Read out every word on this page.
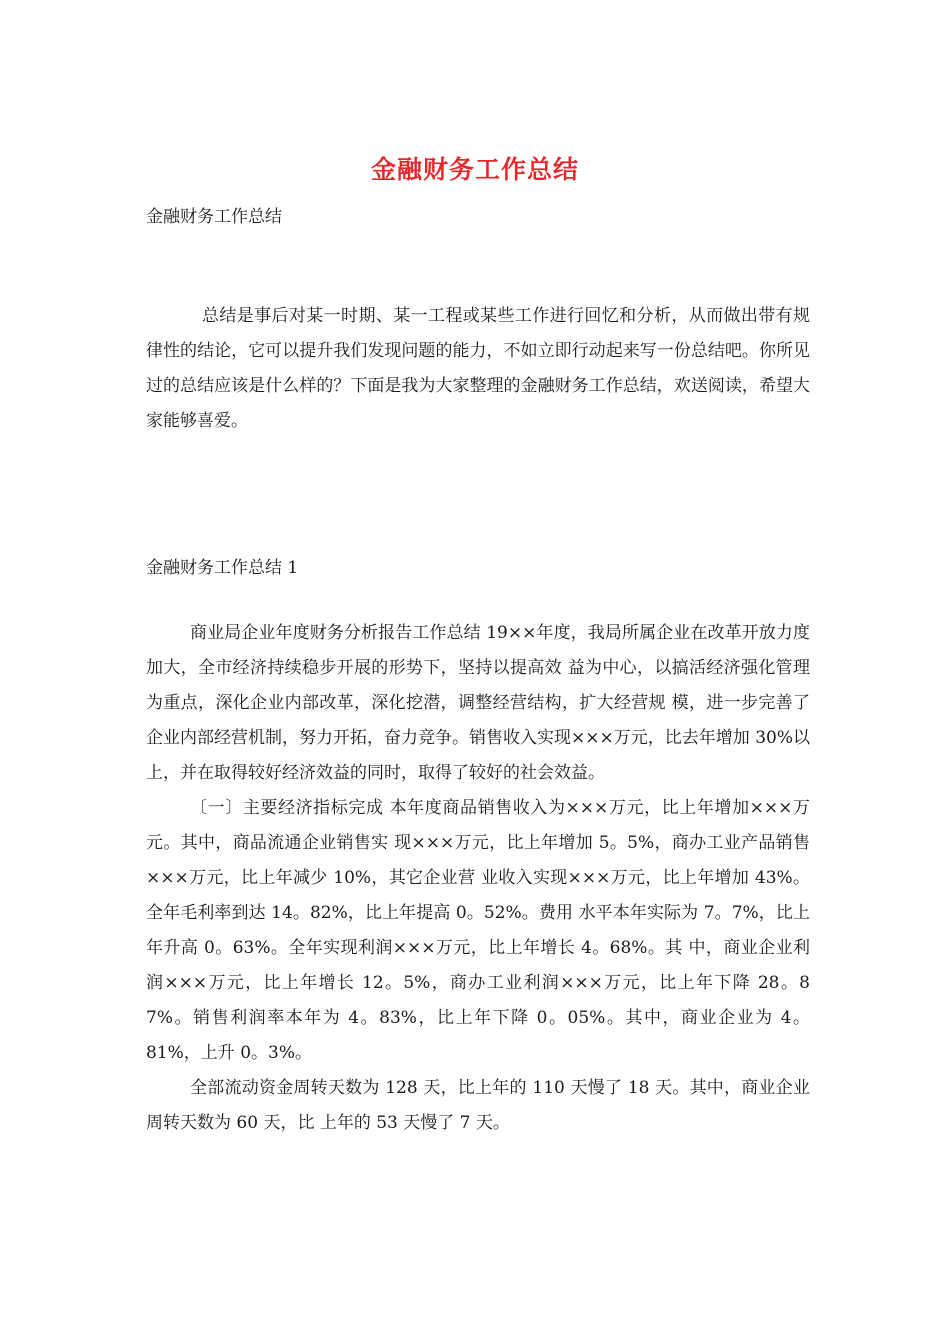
金融财务工作总结
金融财务工作总结

总结是事后对某一时期、某一工程或某些工作进行回忆和分析，从而做出带有规律性的结论，它可以提升我们发现问题的能力，不如立即行动起来写一份总结吧。你所见过的总结应该是什么样的？下面是我为大家整理的金融财务工作总结，欢送阅读，希望大家能够喜爱。

金融财务工作总结 1

商业局企业年度财务分析报告工作总结 19××年度，我局所属企业在改革开放力度加大，全市经济持续稳步开展的形势下，坚持以提高效 益为中心，以搞活经济强化管理为重点，深化企业内部改革，深化挖潜，调整经营结构，扩大经营规 模，进一步完善了企业内部经营机制，努力开拓，奋力竞争。销售收入实现×××万元，比去年增加 30%以上，并在取得较好经济效益的同时，取得了较好的社会效益。

〔一〕主要经济指标完成 本年度商品销售收入为×××万元，比上年增加×××万元。其中，商品流通企业销售实 现×××万元，比上年增加 5。5%，商办工业产品销售×××万元，比上年减少 10%，其它企业营 业收入实现×××万元，比上年增加 43%。全年毛利率到达 14。82%，比上年提高 0。52%。费用 水平本年实际为 7。7%，比上年升高 0。63%。全年实现利润×××万元，比上年增长 4。68%。其 中，商业企业利润×××万元，比上年增长 12。5%，商办工业利润×××万元，比上年下降 28。8 7%。销售利润率本年为 4。83%，比上年下降 0。05%。其中，商业企业为 4。81%，上升 0。3%。

全部流动资金周转天数为 128 天，比上年的 110 天慢了 18 天。其中，商业企业周转天数为 60 天，比 上年的 53 天慢了 7 天。
